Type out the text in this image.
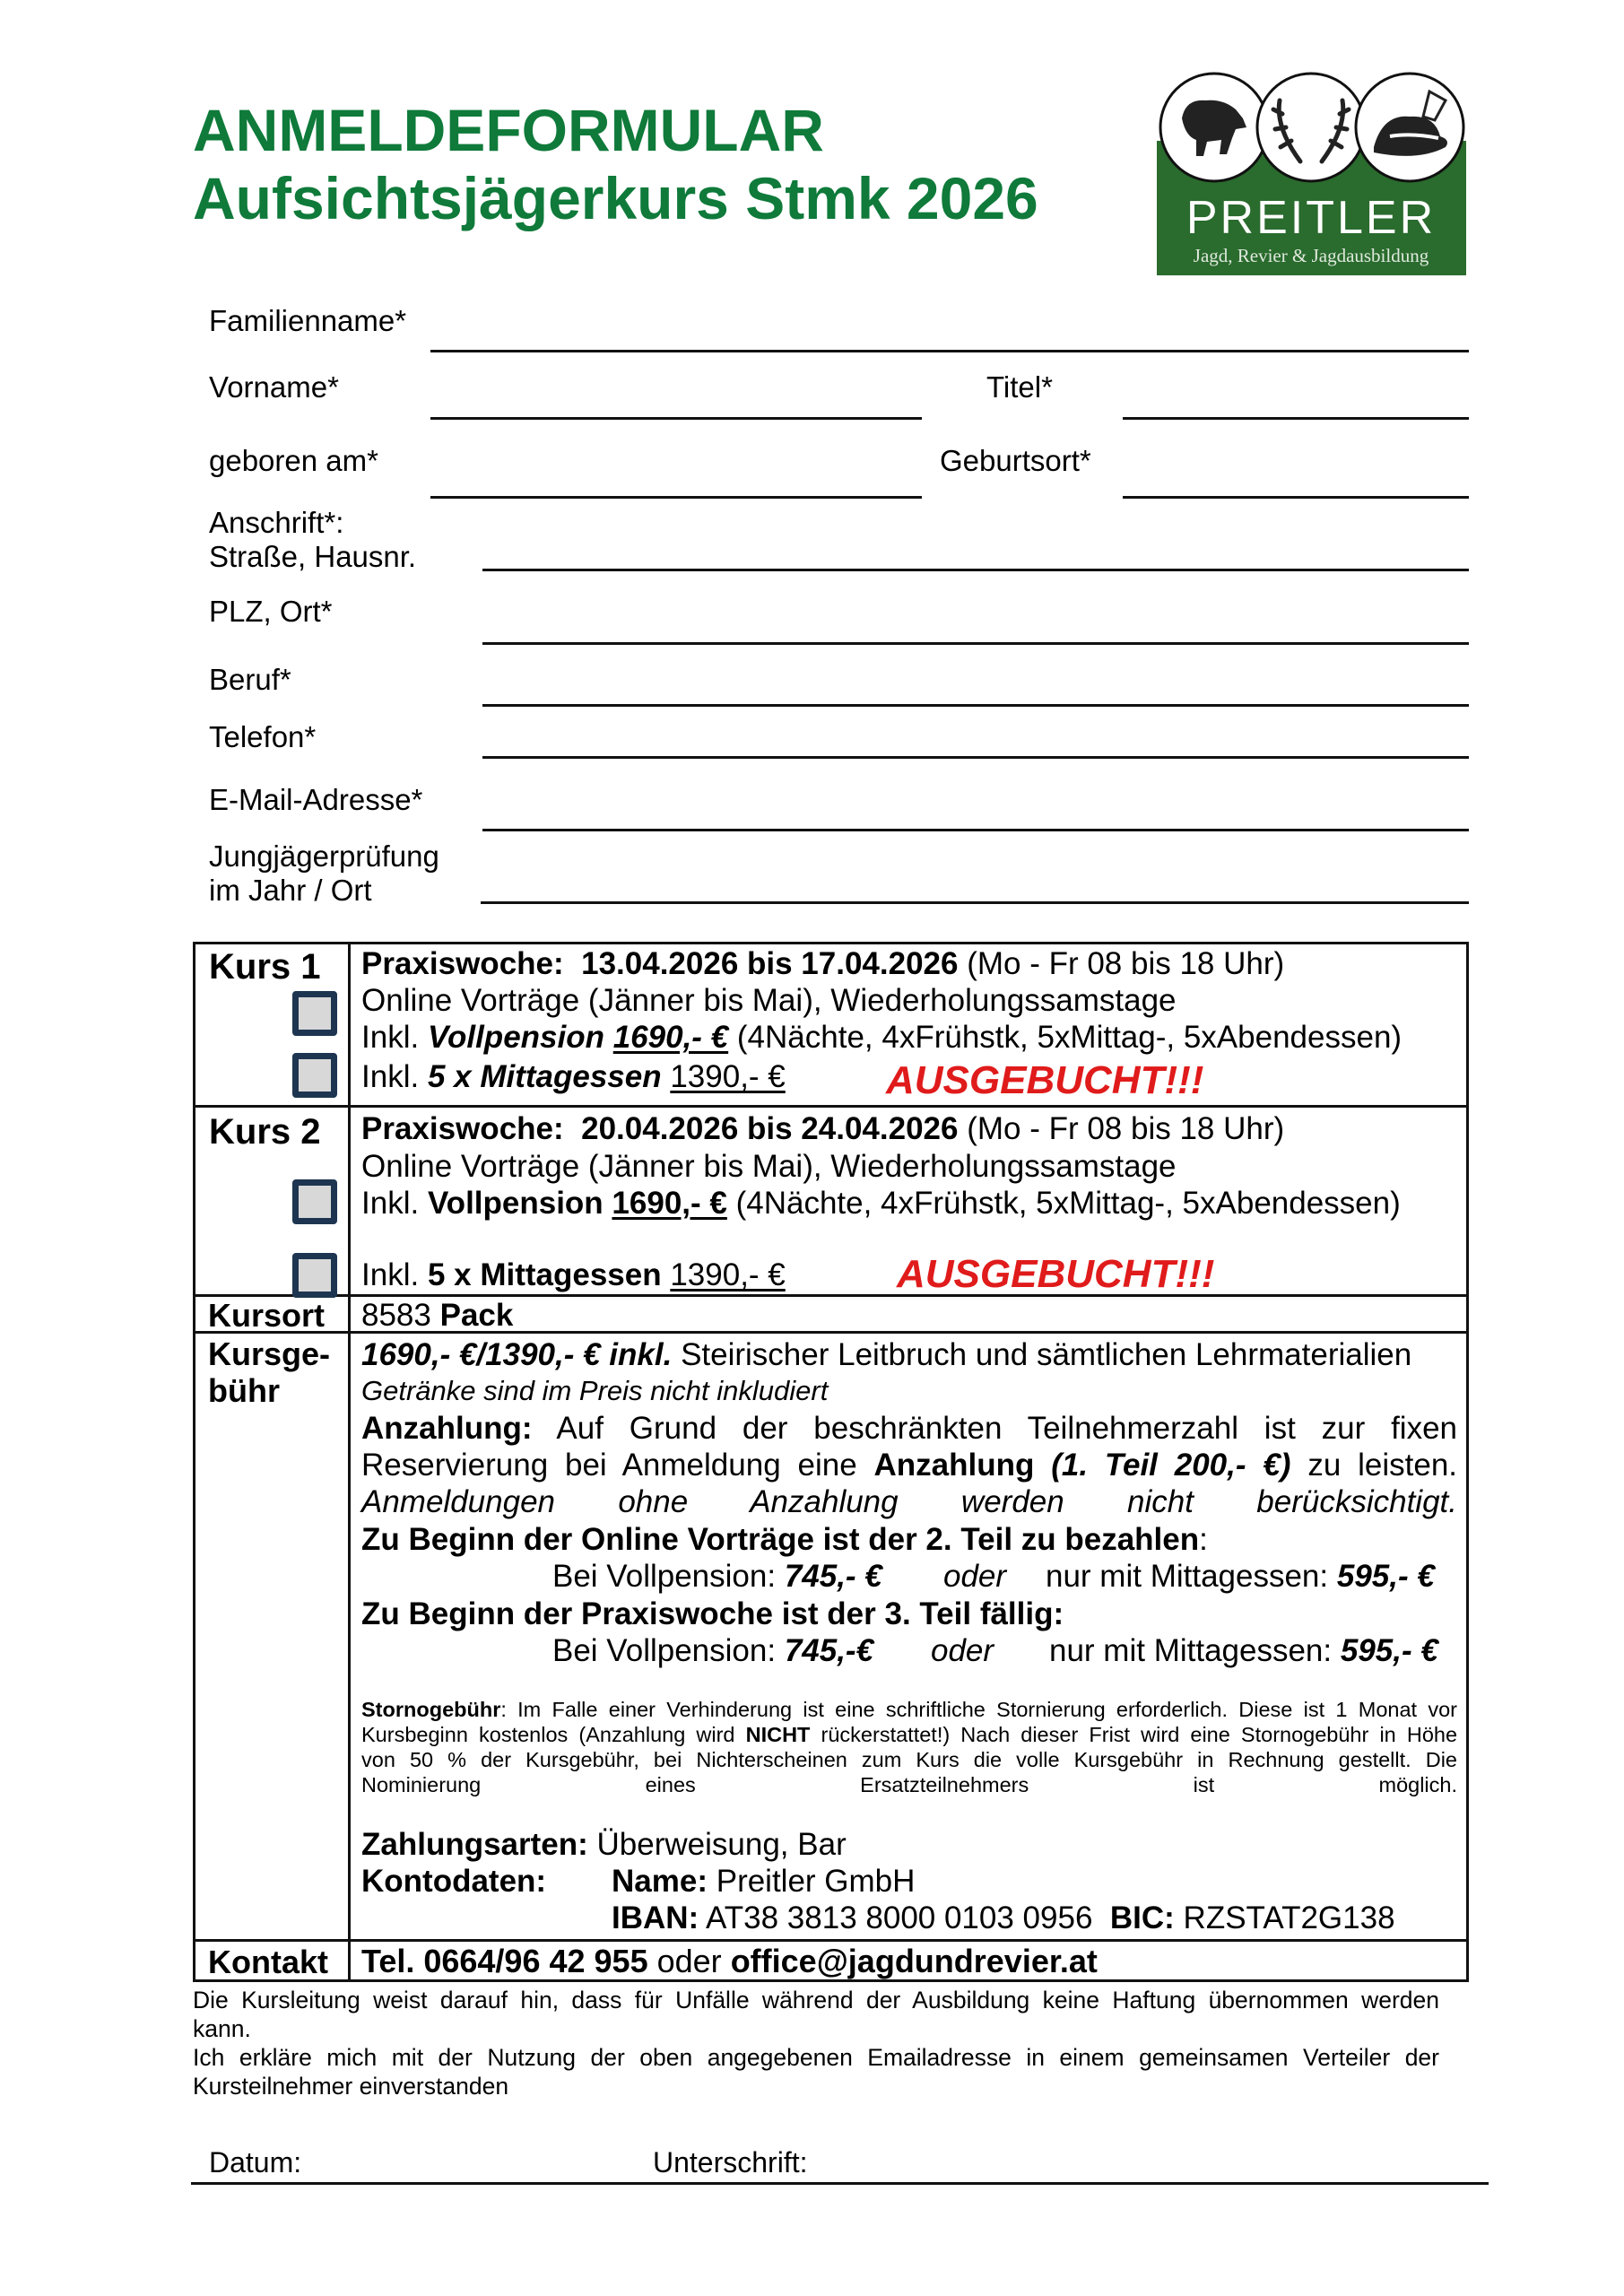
ANMELDEFORMULAR
Aufsichtsjägerkurs Stmk 2026	PREITLER
Jagd, Revier & Jagdausbildung
Familienname*
Vorname*	Titel*
geboren am*	Geburtsort*
Anschrift*:
Straße, Hausnr.
PLZ, Ort*
Beruf*
Telefon*
E-Mail-Adresse*
Jungjägerprüfung
im Jahr / Ort
Kurs 1 Praxiswoche: 13.04.2026 bis 17.04.2026 (Mo - Fr 08 bis 18 Uhr)
Online Vorträge (Jänner bis Mai), Wiederholungssamstage
Inkl. Vollpension 1690,- € (4Nächte, 4xFrühstk, 5xMittag-, 5xAbendessen)
Inkl. 5 x Mittagessen 1390,- €	AUSGEBUCHT!!!
Kurs 2 Praxiswoche: 20.04.2026 bis 24.04.2026 (Mo - Fr 08 bis 18 Uhr)
Online Vorträge (Jänner bis Mai), Wiederholungssamstage
Inkl. Vollpension 1690,- € (4Nächte, 4xFrühstk, 5xMittag-, 5xAbendessen)
Inkl. 5 x Mittagessen 1390,- €	AUSGEBUCHT!!!
Kursort 8583 Pack
Kursge-
bühr
1690,- €/1390,- € inkl. Steirischer Leitbruch und sämtlichen Lehrmaterialien
Getränke sind im Preis nicht inkludiert
Anzahlung: Auf Grund der beschränkten Teilnehmerzahl ist zur fixen
Reservierung bei Anmeldung eine Anzahlung (1. Teil 200,- €) zu leisten.
Anmeldungen ohne Anzahlung werden nicht berücksichtigt.
Zu Beginn der Online Vorträge ist der 2. Teil zu bezahlen:
Bei Vollpension: 745,- € oder nur mit Mittagessen: 595,- €
Zu Beginn der Praxiswoche ist der 3. Teil fällig:
Bei Vollpension: 745,-€ oder nur mit Mittagessen: 595,- €
Stornogebühr: Im Falle einer Verhinderung ist eine schriftliche Stornierung erforderlich. Diese ist 1 Monat vor
Kursbeginn kostenlos (Anzahlung wird NICHT rückerstattet!) Nach dieser Frist wird eine Stornogebühr in Höhe
von 50 % der Kursgebühr, bei Nichterscheinen zum Kurs die volle Kursgebühr in Rechnung gestellt. Die
Nominierung eines Ersatzteilnehmers ist möglich.
Zahlungsarten: Überweisung, Bar
Kontodaten: Name: Preitler GmbH
IBAN: AT38 3813 8000 0103 0956 BIC: RZSTAT2G138
Kontakt Tel. 0664/96 42 955 oder office@jagdundrevier.at
Die Kursleitung weist darauf hin, dass für Unfälle während der Ausbildung keine Haftung übernommen werden
kann.
Ich erkläre mich mit der Nutzung der oben angegebenen Emailadresse in einem gemeinsamen Verteiler der
Kursteilnehmer einverstanden
Datum:	Unterschrift:
